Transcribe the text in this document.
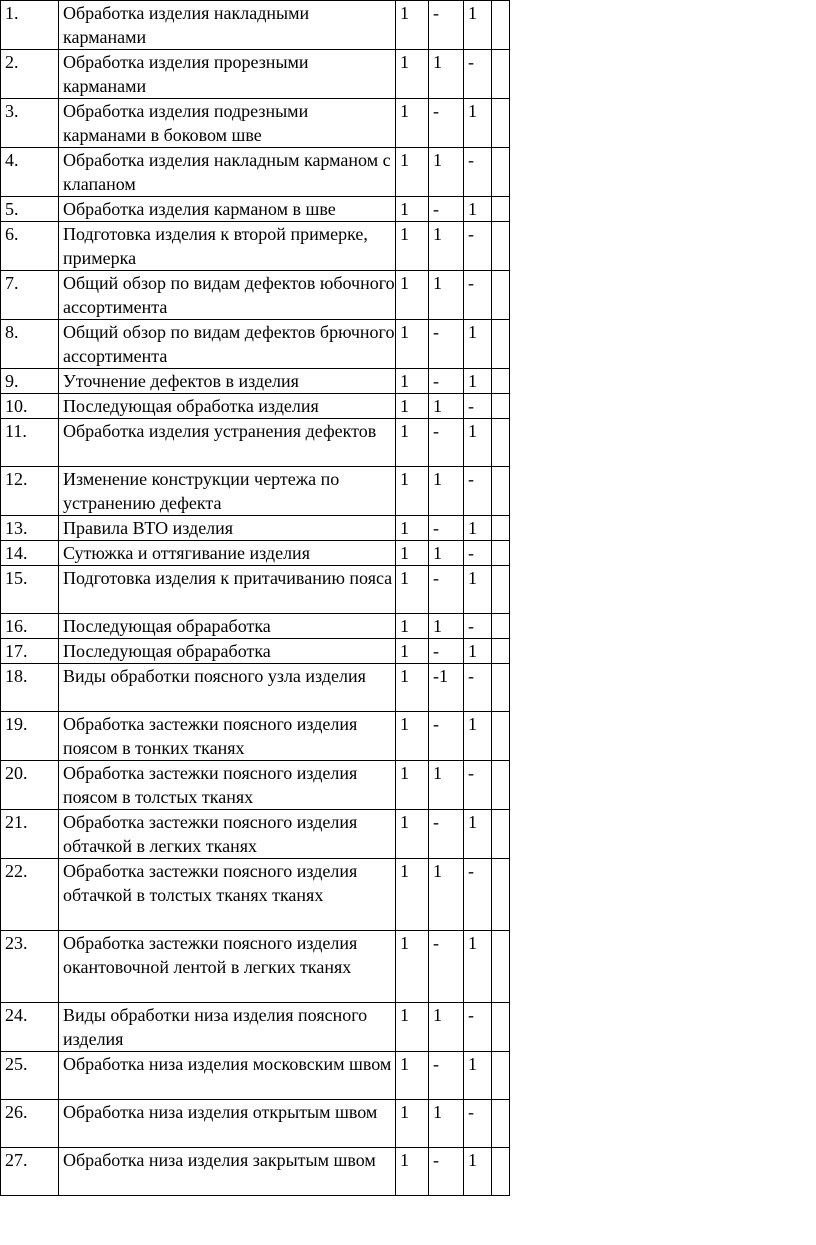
1.	Обработка изделия накладными карманами	1	-	1	
2.	Обработка изделия прорезными карманами	1	1	-	
3.	Обработка изделия подрезными карманами в боковом шве	1	-	1	
4.	Обработка изделия накладным карманом с клапаном	1	1	-	
5.	Обработка изделия карманом в шве	1	-	1	
6.	Подготовка изделия к второй примерке, примерка	1	1	-	
7.	Общий обзор по видам дефектов юбочного ассортимента	1	1	-	
8.	Общий обзор по видам дефектов брючного ассортимента	1	-	1	
9.	Уточнение дефектов в изделия	1	-	1	
10.	Последующая обработка изделия	1	1	-	
11.	Обработка изделия устранения дефектов	1	-	1	
12.	Изменение конструкции чертежа по устранению дефекта	1	1	-	
13.	Правила ВТО изделия	1	-	1	
14.	Сутюжка и оттягивание изделия	1	1	-	
15.	Подготовка изделия к притачиванию пояса	1	-	1	
16.	Последующая обраработка	1	1	-	
17.	Последующая обраработка	1	-	1	
18.	Виды обработки поясного узла изделия	1	-1	-	
19.	Обработка застежки поясного изделия поясом в тонких тканях	1	-	1	
20.	Обработка застежки поясного изделия поясом в толстых тканях	1	1	-	
21.	Обработка застежки поясного изделия обтачкой в легких тканях	1	-	1	
22.	Обработка застежки поясного изделия обтачкой в толстых тканях тканях	1	1	-	
23.	Обработка застежки поясного изделия окантовочной лентой в легких тканях	1	-	1	
24.	Виды обработки низа изделия поясного изделия	1	1	-	
25.	Обработка низа изделия московским швом	1	-	1	
26.	Обработка низа изделия открытым швом	1	1	-	
27.	Обработка низа изделия закрытым швом	1	-	1	
